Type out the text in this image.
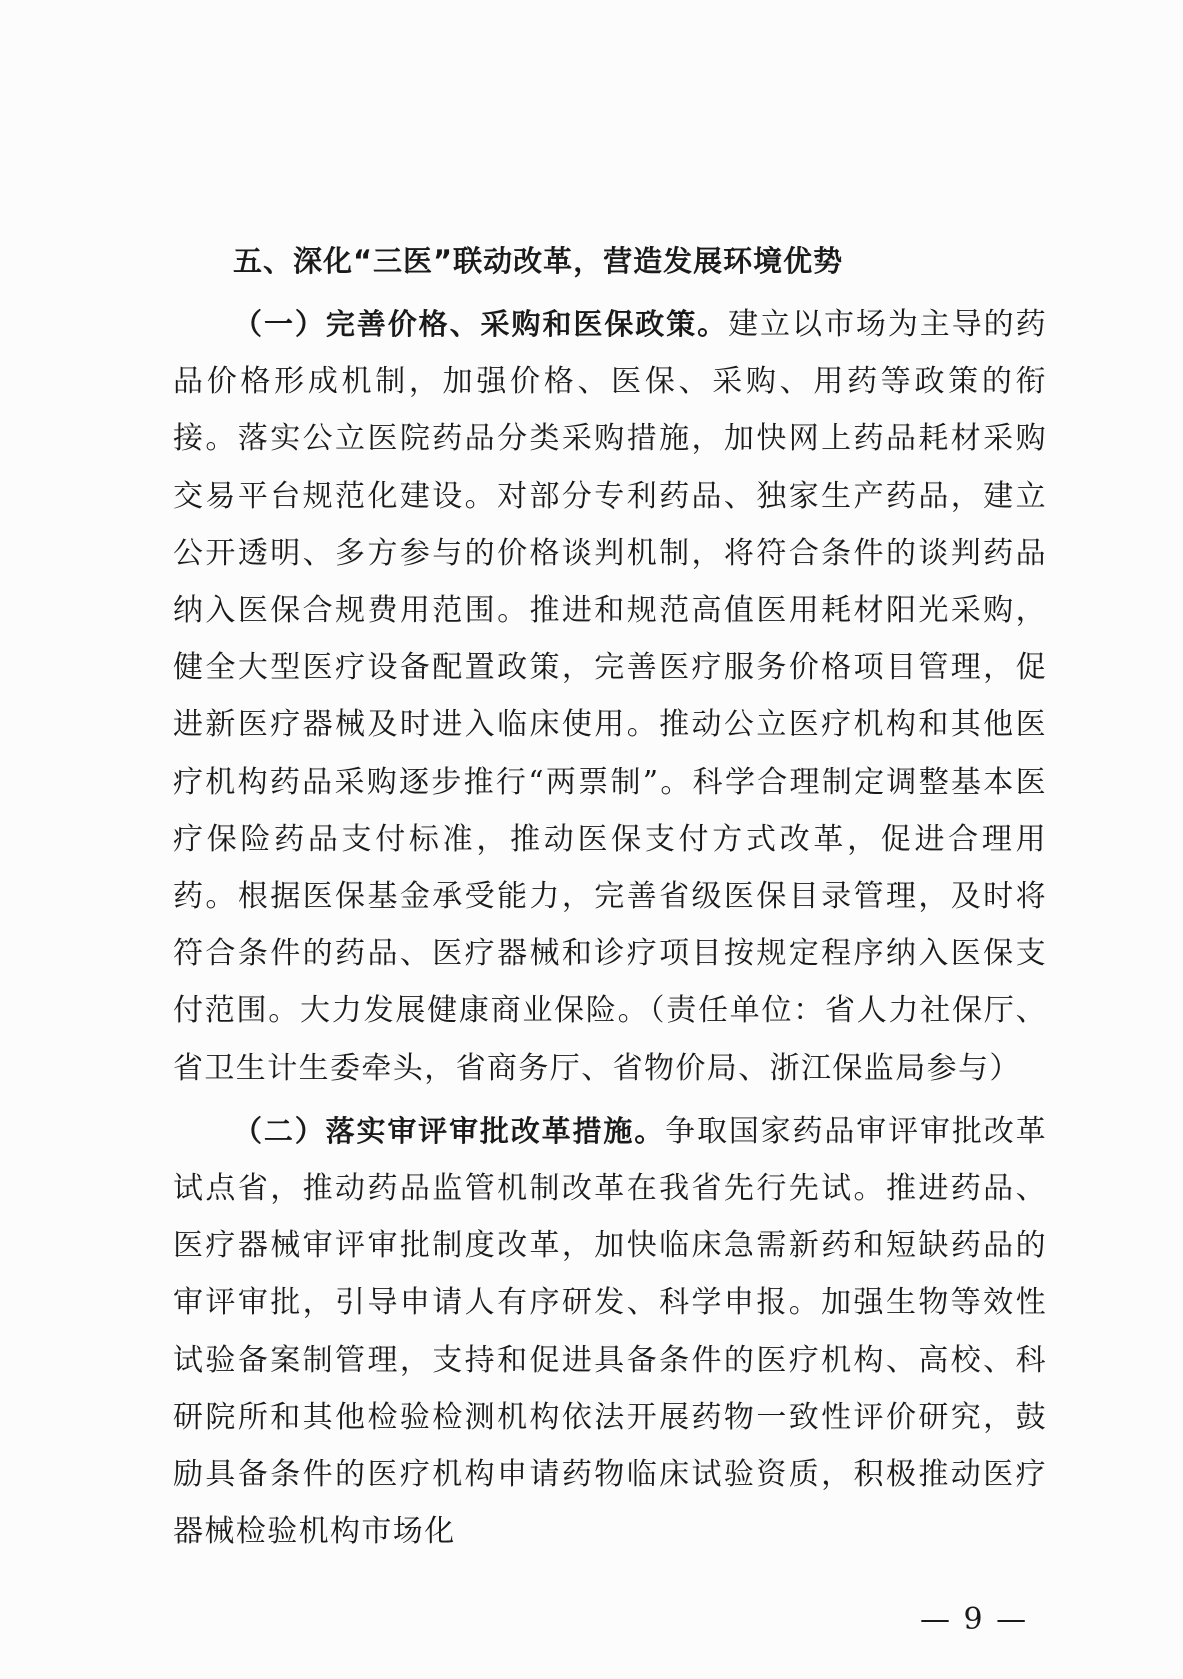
五、深化“三医”联动改革，营造发展环境优势

（一）完善价格、采购和医保政策。建立以市场为主导的药品价格形成机制，加强价格、医保、采购、用药等政策的衔接。落实公立医院药品分类采购措施，加快网上药品耗材采购交易平台规范化建设。对部分专利药品、独家生产药品，建立公开透明、多方参与的价格谈判机制，将符合条件的谈判药品纳入医保合规费用范围。推进和规范高值医用耗材阳光采购，健全大型医疗设备配置政策，完善医疗服务价格项目管理，促进新医疗器械及时进入临床使用。推动公立医疗机构和其他医疗机构药品采购逐步推行“两票制”。科学合理制定调整基本医疗保险药品支付标准，推动医保支付方式改革，促进合理用药。根据医保基金承受能力，完善省级医保目录管理，及时将符合条件的药品、医疗器械和诊疗项目按规定程序纳入医保支付范围。大力发展健康商业保险。（责任单位：省人力社保厅、省卫生计生委牵头，省商务厅、省物价局、浙江保监局参与）

（二）落实审评审批改革措施。争取国家药品审评审批改革试点省，推动药品监管机制改革在我省先行先试。推进药品、医疗器械审评审批制度改革，加快临床急需新药和短缺药品的审评审批，引导申请人有序研发、科学申报。加强生物等效性试验备案制管理，支持和促进具备条件的医疗机构、高校、科研院所和其他检验检测机构依法开展药物一致性评价研究，鼓励具备条件的医疗机构申请药物临床试验资质，积极推动医疗器械检验机构市场化

— 9 —
